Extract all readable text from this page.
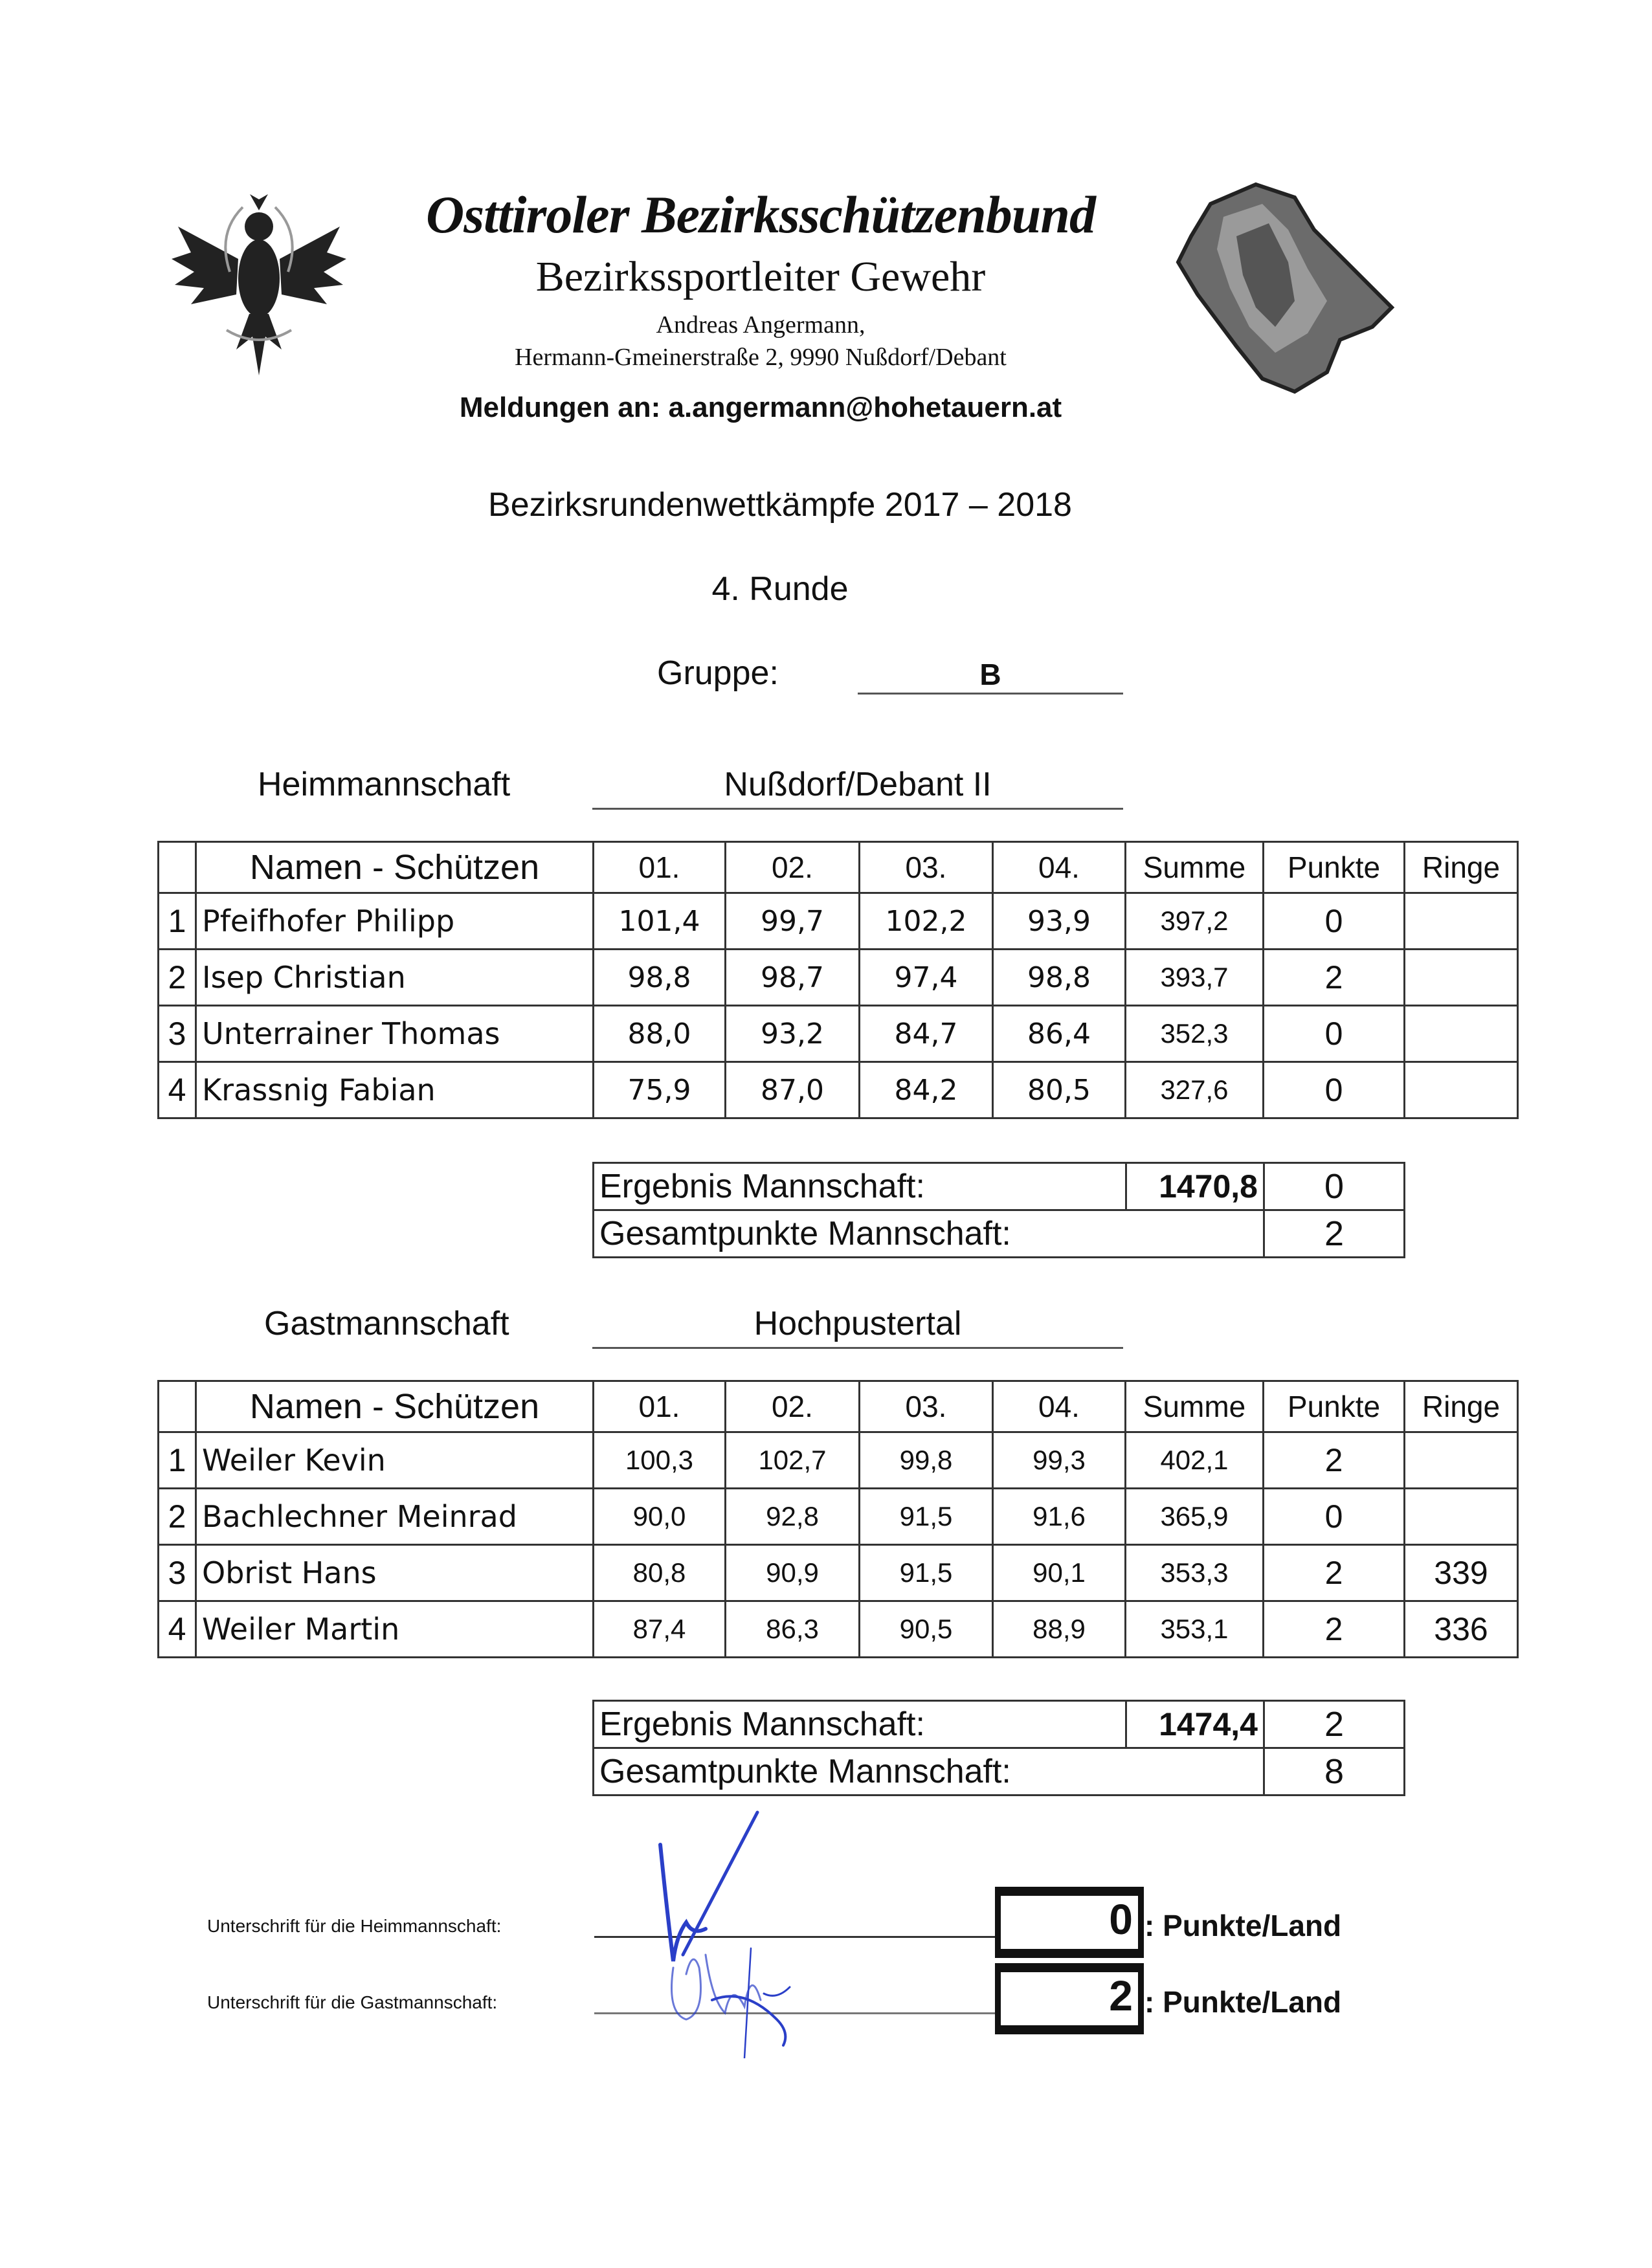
Osttiroler Bezirksschützenbund
Bezirkssportleiter Gewehr
Andreas Angermann,
Hermann-Gmeinerstraße 2, 9990 Nußdorf/Debant
Meldungen an: a.angermann@hohetauern.at
Bezirksrundenwettkämpfe 2017 – 2018
4. Runde
Gruppe:	B
Heimmannschaft	Nußdorf/Debant II
	Namen - Schützen	01.	02.	03.	04.	Summe	Punkte	Ringe
1	Pfeifhofer Philipp	101,4	99,7	102,2	93,9	397,2	0	
2	Isep Christian	98,8	98,7	97,4	98,8	393,7	2	
3	Unterrainer Thomas	88,0	93,2	84,7	86,4	352,3	0	
4	Krassnig Fabian	75,9	87,0	84,2	80,5	327,6	0	
Ergebnis Mannschaft:	1470,8	0
Gesamtpunkte Mannschaft:		2
Gastmannschaft	Hochpustertal
	Namen - Schützen	01.	02.	03.	04.	Summe	Punkte	Ringe
1	Weiler Kevin	100,3	102,7	99,8	99,3	402,1	2	
2	Bachlechner Meinrad	90,0	92,8	91,5	91,6	365,9	0	
3	Obrist Hans	80,8	90,9	91,5	90,1	353,3	2	339
4	Weiler Martin	87,4	86,3	90,5	88,9	353,1	2	336
Ergebnis Mannschaft:	1474,4	2
Gesamtpunkte Mannschaft:		8
Unterschrift für die Heimmannschaft:
Unterschrift für die Gastmannschaft:
0 : Punkte/Land
2 : Punkte/Land
